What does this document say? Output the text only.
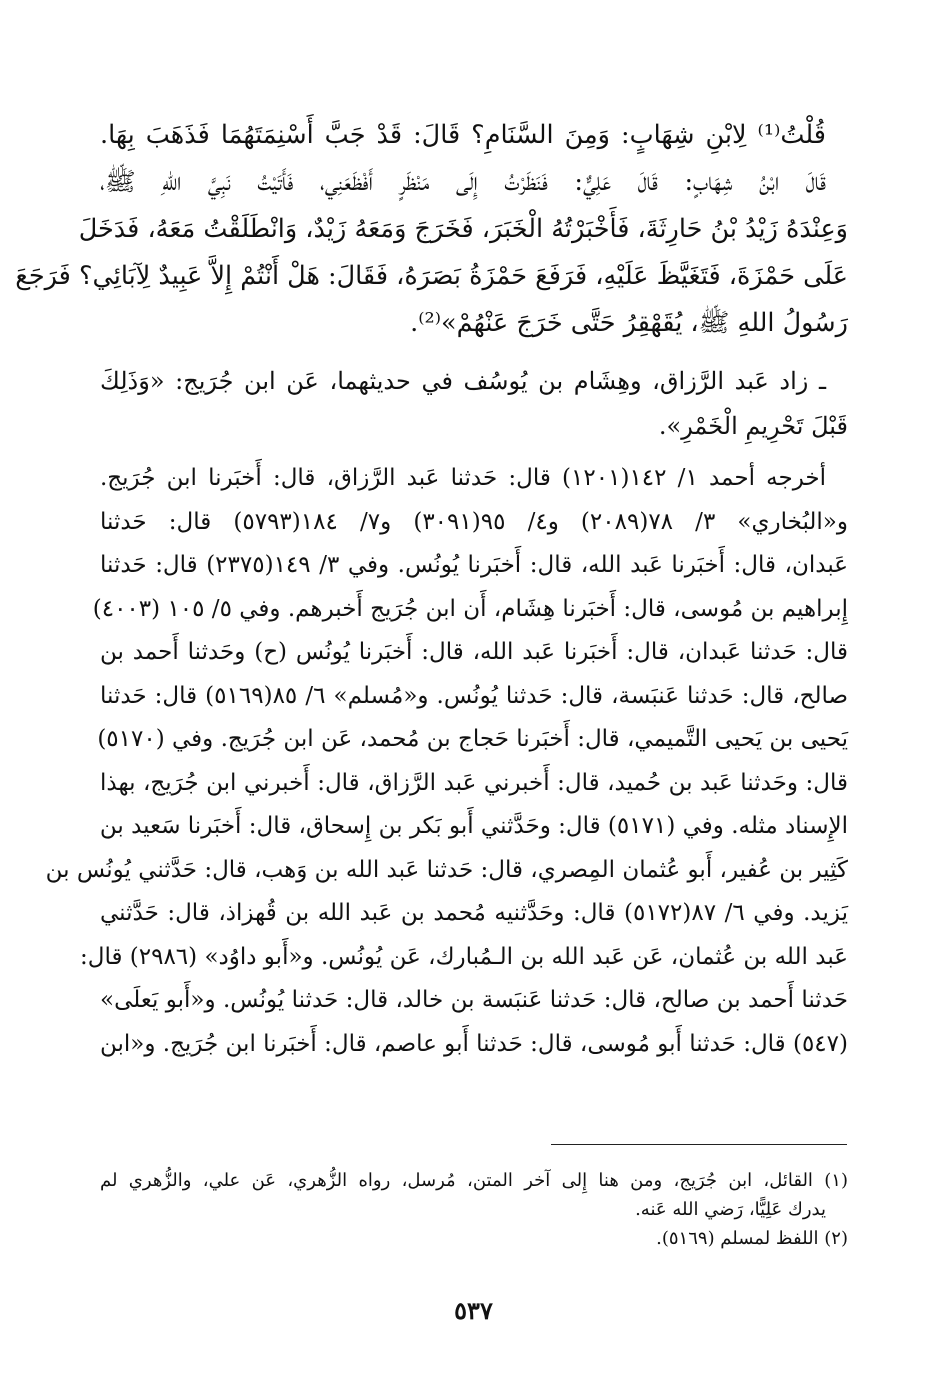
قُلْتُ⁽¹⁾ لِابْنِ شِهَابٍ: وَمِنَ السَّنَامِ؟ قَالَ: قَدْ جَبَّ أَسْنِمَتَهُمَا فَذَهَبَ بِهَا.
قَالَ ابْنُ شِهَابٍ: قَالَ عَلِيٌّ: فَنَظَرْتُ إِلَى مَنْظَرٍ أَفْظَعَنِي، فَأَتَيْتُ نَبِيَّ اللهِ ﷺ،
وَعِنْدَهُ زَيْدُ بْنُ حَارِثَةَ، فَأَخْبَرْتُهُ الْخَبَرَ، فَخَرَجَ وَمَعَهُ زَيْدٌ، وَانْطَلَقْتُ مَعَهُ، فَدَخَلَ
عَلَى حَمْزَةَ، فَتَغَيَّظَ عَلَيْهِ، فَرَفَعَ حَمْزَةُ بَصَرَهُ، فَقَالَ: هَلْ أَنْتُمْ إِلاَّ عَبِيدٌ لِآبَائِي؟ فَرَجَعَ
رَسُولُ اللهِ ﷺ، يُقَهْقِرُ حَتَّى خَرَجَ عَنْهُمْ»⁽²⁾.
ـ زاد عَبد الرَّزاق، وهِشَام بن يُوسُف في حديثهما، عَن ابن جُرَيج: «وَذَلِكَ
قَبْلَ تَحْرِيمِ الْخَمْرِ».
أخرجه أحمد ١/ ١٤٢(١٢٠١) قال: حَدثنا عَبد الرَّزاق، قال: أَخبَرنا ابن جُرَيج.
و«البُخاري» ٣/ ٧٨(٢٠٨٩) و٤/ ٩٥(٣٠٩١) و٧/ ١٨٤(٥٧٩٣) قال: حَدثنا
عَبدان، قال: أَخبَرنا عَبد الله، قال: أَخبَرنا يُونُس. وفي ٣/ ١٤٩(٢٣٧٥) قال: حَدثنا
إِبراهيم بن مُوسى، قال: أَخبَرنا هِشَام، أَن ابن جُرَيج أَخبرهم. وفي ٥/ ١٠٥ (٤٠٠٣)
قال: حَدثنا عَبدان، قال: أَخبَرنا عَبد الله، قال: أَخبَرنا يُونُس (ح) وحَدثنا أَحمد بن
صالح، قال: حَدثنا عَنبَسة، قال: حَدثنا يُونُس. و«مُسلم» ٦/ ٨٥(٥١٦٩) قال: حَدثنا
يَحيى بن يَحيى التَّميمي، قال: أَخبَرنا حَجاج بن مُحمد، عَن ابن جُرَيج. وفي (٥١٧٠)
قال: وحَدثنا عَبد بن حُميد، قال: أَخبرني عَبد الرَّزاق، قال: أَخبرني ابن جُرَيج، بهذا
الإِسناد مثله. وفي (٥١٧١) قال: وحَدَّثني أَبو بَكر بن إِسحاق، قال: أَخبَرنا سَعيد بن
كَثِير بن عُفير، أَبو عُثمان المِصري، قال: حَدثنا عَبد الله بن وَهب، قال: حَدَّثني يُونُس بن
يَزيد. وفي ٦/ ٨٧(٥١٧٢) قال: وحَدَّثنيه مُحمد بن عَبد الله بن قُهزاذ، قال: حَدَّثني
عَبد الله بن عُثمان، عَن عَبد الله بن الـمُبارك، عَن يُونُس. و«أَبو داوُد» (٢٩٨٦) قال:
حَدثنا أَحمد بن صالح، قال: حَدثنا عَنبَسة بن خالد، قال: حَدثنا يُونُس. و«أَبو يَعلَى»
(٥٤٧) قال: حَدثنا أَبو مُوسى، قال: حَدثنا أَبو عاصم، قال: أَخبَرنا ابن جُرَيج. و«ابن
(١) القائل، ابن جُرَيج، ومن هنا إِلى آخر المتن، مُرسل، رواه الزُّهري، عَن علي، والزُّهري لم
يدرك عَلِيًّا، رَضي الله عَنه.
(٢) اللفظ لمسلم (٥١٦٩).
٥٣٧
